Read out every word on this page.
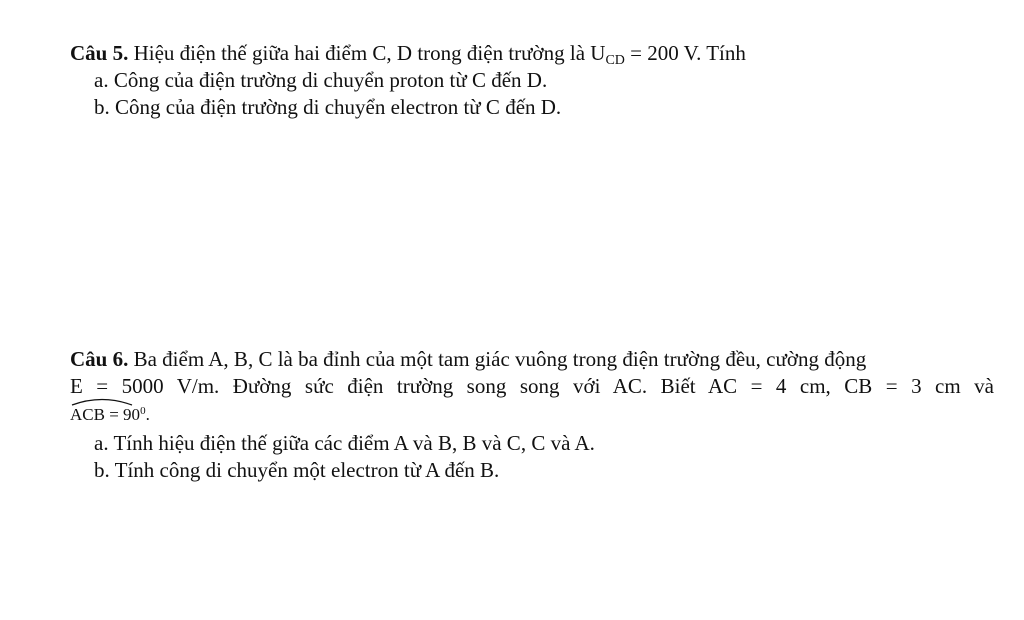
Câu 5. Hiệu điện thế giữa hai điểm C, D trong điện trường là $U_{CD} = 200$ V. Tính
a. Công của điện trường di chuyển proton từ C đến D.
b. Công của điện trường di chuyển electron từ C đến D.
Câu 6. Ba điểm A, B, C là ba đỉnh của một tam giác vuông trong điện trường đều, cường động
E = 5000 V/m. Đường sức điện trường song song với AC. Biết AC = 4 cm, CB = 3 cm và
ACB = $90^0$.
a. Tính hiệu điện thế giữa các điểm A và B, B và C, C và A.
b. Tính công di chuyển một electron từ A đến B.
